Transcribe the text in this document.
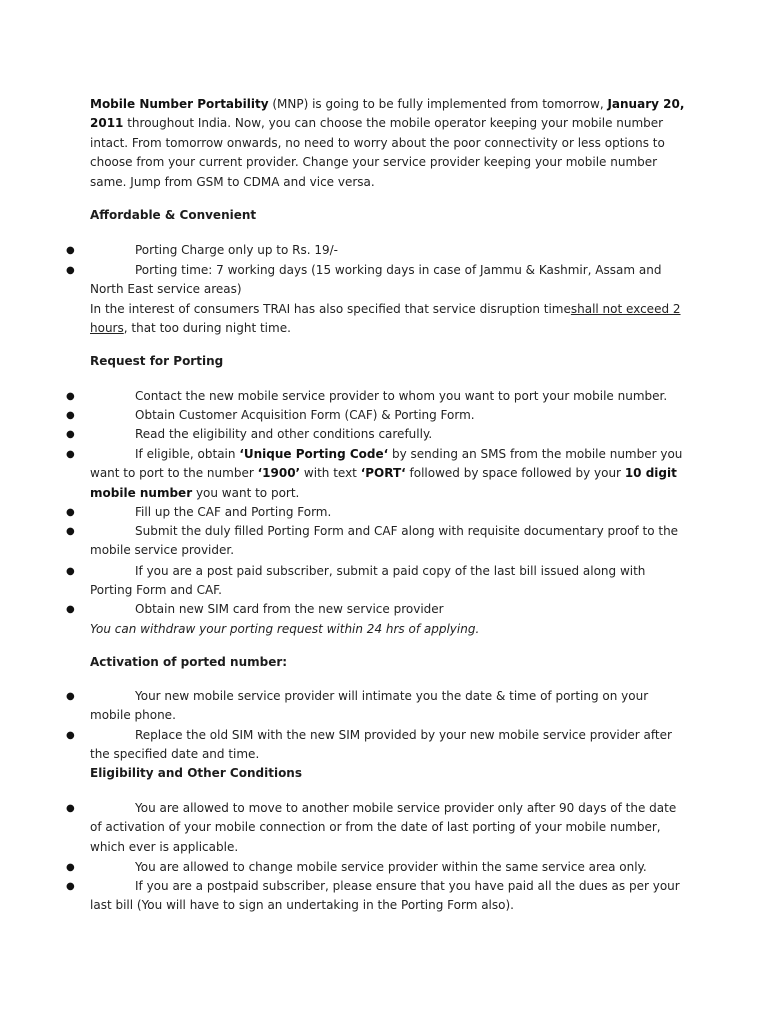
Mobile Number Portability (MNP) is going to be fully implemented from tomorrow, January 20,
2011 throughout India. Now, you can choose the mobile operator keeping your mobile number intact. From tomorrow onwards, no need to worry about the poor connectivity or less options to choose from your current provider. Change your service provider keeping your mobile number same. Jump from GSM to CDMA and vice versa.
Affordable & Convenient
●	Porting Charge only up to Rs. 19/-
●	Porting time: 7 working days (15 working days in case of Jammu & Kashmir, Assam and North East service areas)
In the interest of consumers TRAI has also specified that service disruption timeshall not exceed 2 hours, that too during night time.
Request for Porting
●	Contact the new mobile service provider to whom you want to port your mobile number.
●	Obtain Customer Acquisition Form (CAF) & Porting Form.
●	Read the eligibility and other conditions carefully.
●	If eligible, obtain ‘Unique Porting Code‘ by sending an SMS from the mobile number you want to port to the number ‘1900’ with text ‘PORT‘ followed by space followed by your 10 digit mobile number you want to port.
●	Fill up the CAF and Porting Form.
●	Submit the duly filled Porting Form and CAF along with requisite documentary proof to the mobile service provider.
●	If you are a post paid subscriber, submit a paid copy of the last bill issued along with Porting Form and CAF.
●	Obtain new SIM card from the new service provider
You can withdraw your porting request within 24 hrs of applying.
Activation of ported number:
●	Your new mobile service provider will intimate you the date & time of porting on your mobile phone.
●	Replace the old SIM with the new SIM provided by your new mobile service provider after the specified date and time.
Eligibility and Other Conditions
●	You are allowed to move to another mobile service provider only after 90 days of the date of activation of your mobile connection or from the date of last porting of your mobile number, which ever is applicable.
●	You are allowed to change mobile service provider within the same service area only.
●	If you are a postpaid subscriber, please ensure that you have paid all the dues as per your last bill (You will have to sign an undertaking in the Porting Form also).
